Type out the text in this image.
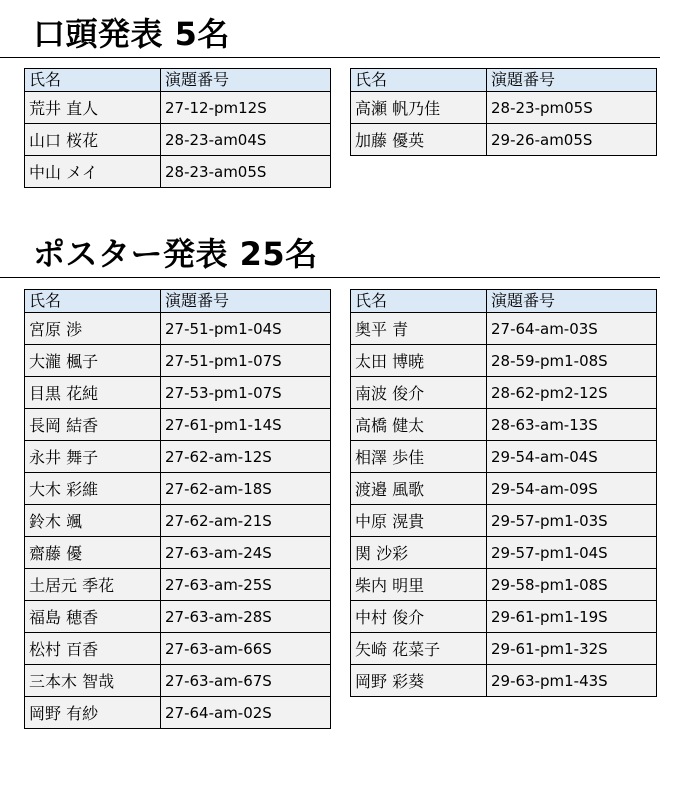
口頭発表 5名
氏名	演題番号
荒井 直人	27-12-pm12S
山口 桜花	28-23-am04S
中山 メイ	28-23-am05S
氏名	演題番号
高瀬 帆乃佳	28-23-pm05S
加藤 優英	29-26-am05S
ポスター発表 25名
氏名	演題番号
宮原 渉	27-51-pm1-04S
大瀧 楓子	27-51-pm1-07S
目黒 花純	27-53-pm1-07S
長岡 結香	27-61-pm1-14S
永井 舞子	27-62-am-12S
大木 彩維	27-62-am-18S
鈴木 颯	27-62-am-21S
齋藤 優	27-63-am-24S
土居元 季花	27-63-am-25S
福島 穂香	27-63-am-28S
松村 百香	27-63-am-66S
三本木 智哉	27-63-am-67S
岡野 有紗	27-64-am-02S
氏名	演題番号
奥平 青	27-64-am-03S
太田 博暁	28-59-pm1-08S
南波 俊介	28-62-pm2-12S
高橋 健太	28-63-am-13S
相澤 歩佳	29-54-am-04S
渡邉 風歌	29-54-am-09S
中原 滉貴	29-57-pm1-03S
関 沙彩	29-57-pm1-04S
柴内 明里	29-58-pm1-08S
中村 俊介	29-61-pm1-19S
矢崎 花菜子	29-61-pm1-32S
岡野 彩葵	29-63-pm1-43S
